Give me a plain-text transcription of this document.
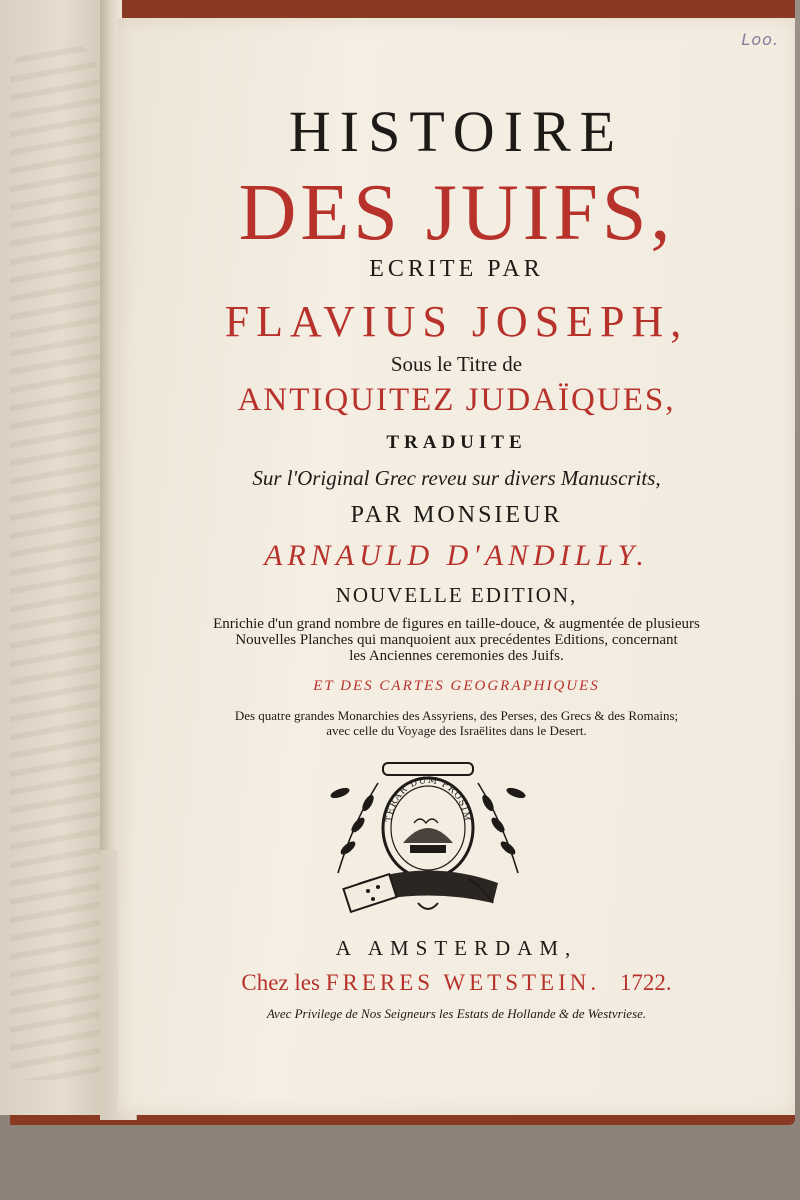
Loo.
HISTOIRE
DES JUIFS,
ECRITE PAR
FLAVIUS JOSEPH,
Sous le Titre de
ANTIQUITEZ JUDAÏQUES,
TRADUITE
Sur l'Original Grec reveu sur divers Manuscrits,
PAR MONSIEUR
ARNAULD D'ANDILLY.
NOUVELLE EDITION,
Enrichie d'un grand nombre de figures en taille-douce, & augmentée de plusieurs
Nouvelles Planches qui manquoient aux precédentes Editions, concernant
les Anciennes ceremonies des Juifs.
ET DES CARTES GEOGRAPHIQUES
Des quatre grandes Monarchies des Assyriens, des Perses, des Grecs & des Romains;
avec celle du Voyage des Israëlites dans le Desert.
TERAR DUM PROSIM
A AMSTERDAM,
Chez les FRERES WETSTEIN. 1722.
Avec Privilege de Nos Seigneurs les Estats de Hollande & de Westvriese.
